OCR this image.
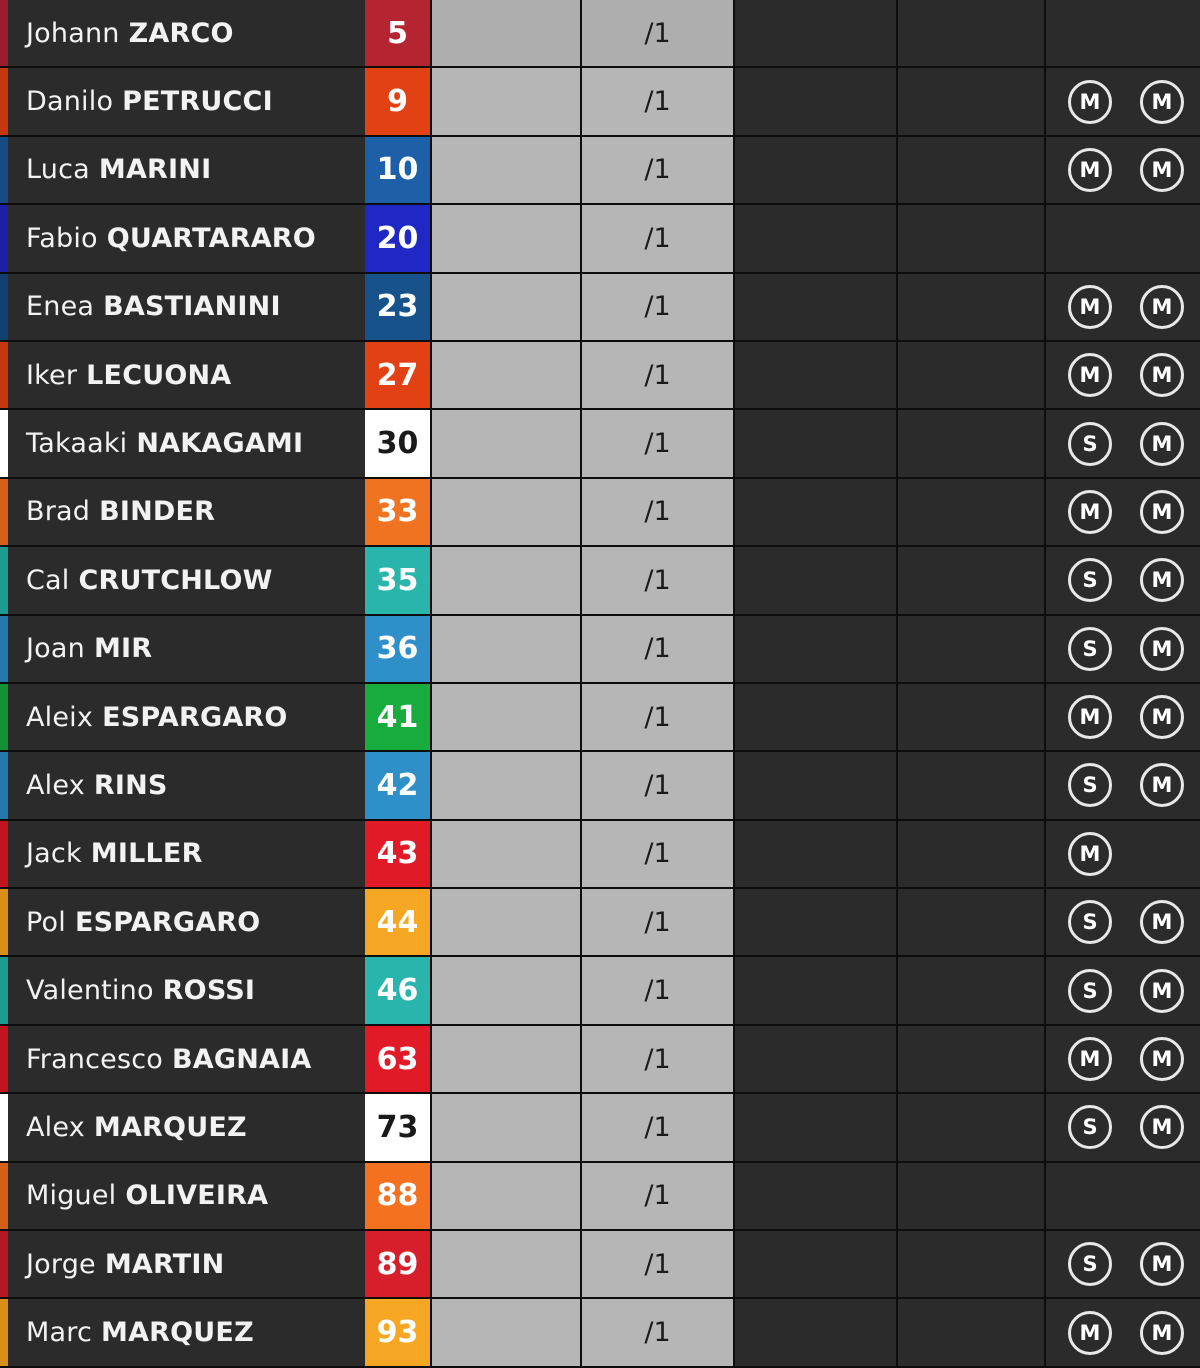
Johann ZARCO	5	/1
Danilo PETRUCCI	9	/1	M	M
Luca MARINI	10	/1	M	M
Fabio QUARTARARO	20	/1
Enea BASTIANINI	23	/1	M	M
Iker LECUONA	27	/1	M	M
Takaaki NAKAGAMI	30	/1	S	M
Brad BINDER	33	/1	M	M
Cal CRUTCHLOW	35	/1	S	M
Joan MIR	36	/1	S	M
Aleix ESPARGARO	41	/1	M	M
Alex RINS	42	/1	S	M
Jack MILLER	43	/1	M
Pol ESPARGARO	44	/1	S	M
Valentino ROSSI	46	/1	S	M
Francesco BAGNAIA	63	/1	M	M
Alex MARQUEZ	73	/1	S	M
Miguel OLIVEIRA	88	/1
Jorge MARTIN	89	/1	S	M
Marc MARQUEZ	93	/1	M	M
